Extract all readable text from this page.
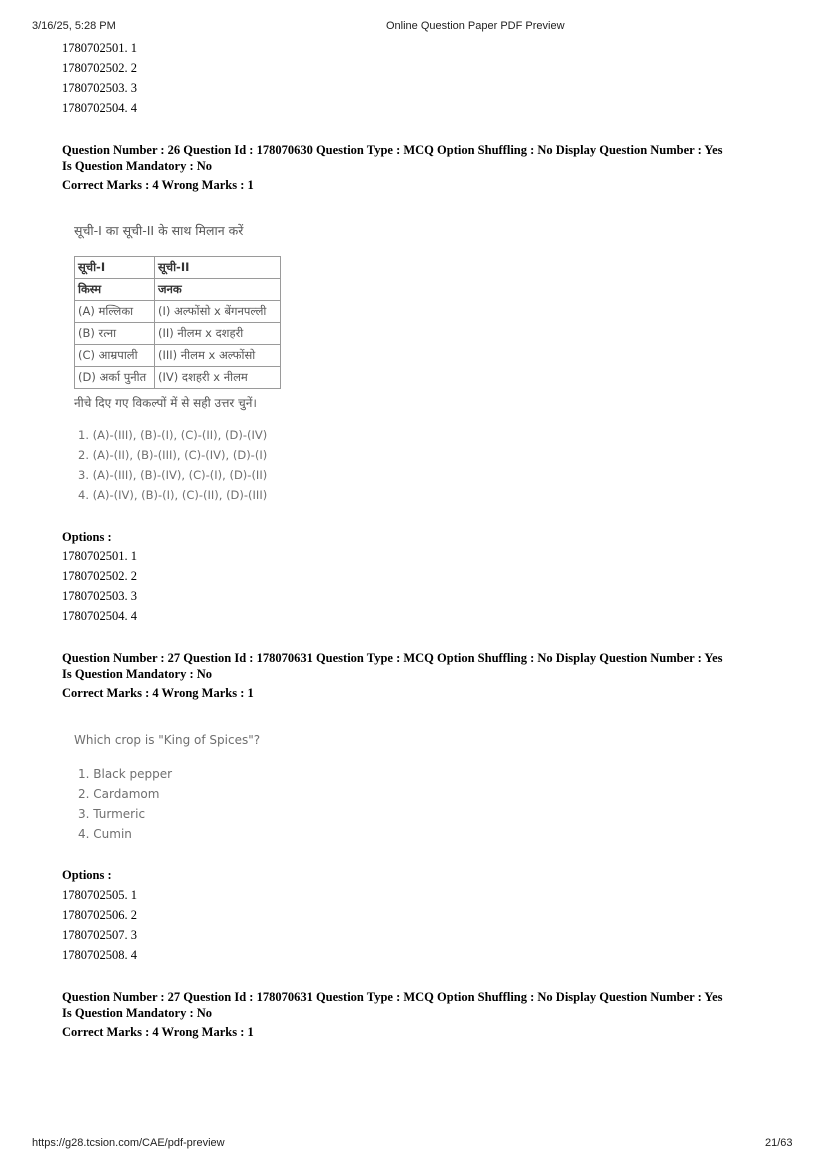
3/16/25, 5:28 PM	Online Question Paper PDF Preview
1780702501. 1
1780702502. 2
1780702503. 3
1780702504. 4
Question Number : 26 Question Id : 178070630 Question Type : MCQ Option Shuffling : No Display Question Number : Yes
Is Question Mandatory : No
Correct Marks : 4 Wrong Marks : 1
सूची-I का सूची-II के साथ मिलान करें
सूची-I	सूची-II
किस्म	जनक
(A) मल्लिका	(I) अल्फोंसो x बेंगनपल्ली
(B) रत्ना	(II) नीलम x दशहरी
(C) आम्रपाली	(III) नीलम x अल्फोंसो
(D) अर्का पुनीत	(IV) दशहरी x नीलम
नीचे दिए गए विकल्पों में से सही उत्तर चुनें।
1. (A)-(III), (B)-(I), (C)-(II), (D)-(IV)
2. (A)-(II), (B)-(III), (C)-(IV), (D)-(I)
3. (A)-(III), (B)-(IV), (C)-(I), (D)-(II)
4. (A)-(IV), (B)-(I), (C)-(II), (D)-(III)
Options :
1780702501. 1
1780702502. 2
1780702503. 3
1780702504. 4
Question Number : 27 Question Id : 178070631 Question Type : MCQ Option Shuffling : No Display Question Number : Yes
Is Question Mandatory : No
Correct Marks : 4 Wrong Marks : 1
Which crop is "King of Spices"?
1. Black pepper
2. Cardamom
3. Turmeric
4. Cumin
Options :
1780702505. 1
1780702506. 2
1780702507. 3
1780702508. 4
Question Number : 27 Question Id : 178070631 Question Type : MCQ Option Shuffling : No Display Question Number : Yes
Is Question Mandatory : No
Correct Marks : 4 Wrong Marks : 1
https://g28.tcsion.com/CAE/pdf-preview	21/63
